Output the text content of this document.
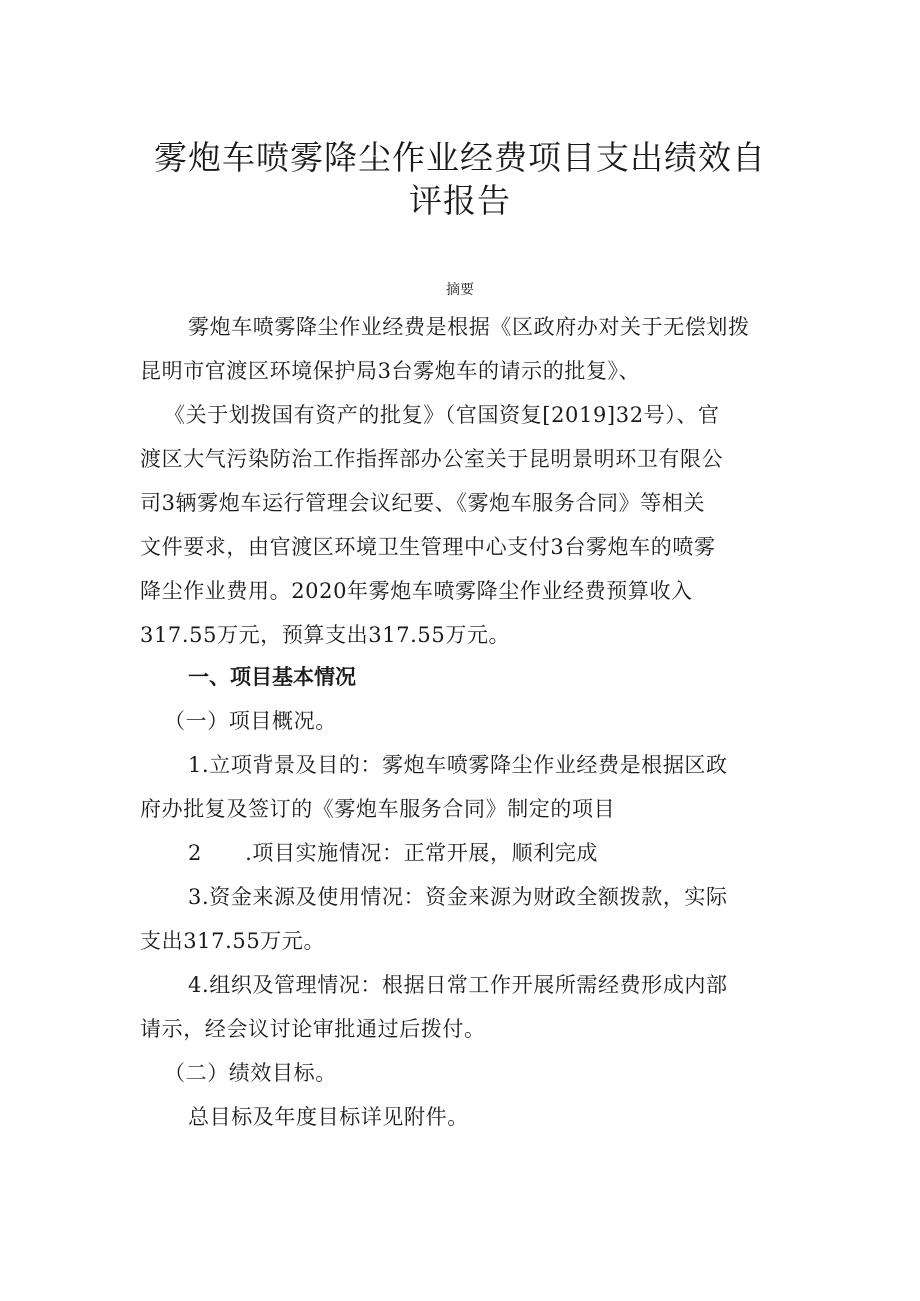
雾炮车喷雾降尘作业经费项目支出绩效自
评报告
摘要
雾炮车喷雾降尘作业经费是根据《区政府办对关于无偿划拨
昆明市官渡区环境保护局3台雾炮车的请示的批复》、
《关于划拨国有资产的批复》（官国资复[2019]32号）、官
渡区大气污染防治工作指挥部办公室关于昆明景明环卫有限公
司3辆雾炮车运行管理会议纪要、《雾炮车服务合同》等相关
文件要求，由官渡区环境卫生管理中心支付3台雾炮车的喷雾
降尘作业费用。2020年雾炮车喷雾降尘作业经费预算收入
317.55万元，预算支出317.55万元。
一、项目基本情况
（一）项目概况。
1.立项背景及目的：雾炮车喷雾降尘作业经费是根据区政
府办批复及签订的《雾炮车服务合同》制定的项目
2　　.项目实施情况：正常开展，顺利完成
3.资金来源及使用情况：资金来源为财政全额拨款，实际
支出317.55万元。
4.组织及管理情况：根据日常工作开展所需经费形成内部
请示，经会议讨论审批通过后拨付。
（二）绩效目标。
总目标及年度目标详见附件。
